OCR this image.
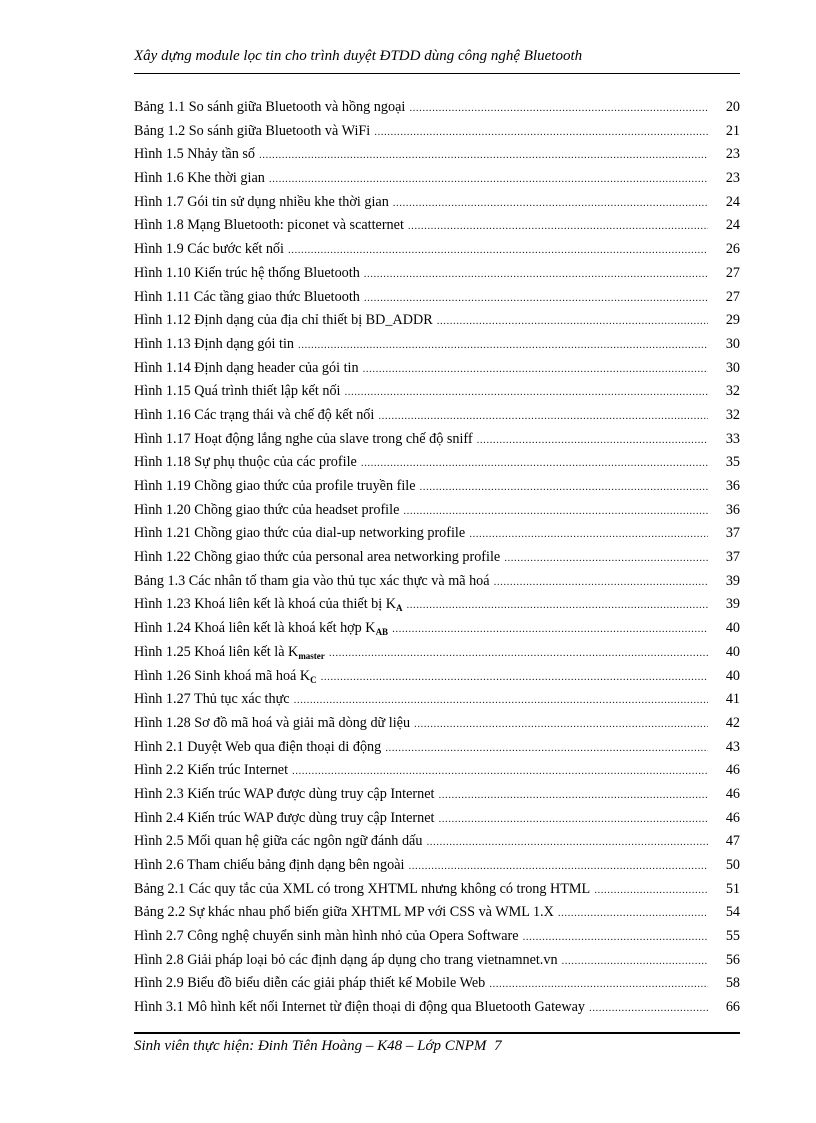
Xây dựng module lọc tin cho trình duyệt ĐTDD dùng công nghệ Bluetooth
Bảng 1.1 So sánh giữa Bluetooth và hồng ngoại .....	20
Bảng 1.2 So sánh giữa Bluetooth và WiFi .....	21
Hình 1.5 Nhảy tần số .....	23
Hình 1.6 Khe thời gian .....	23
Hình 1.7 Gói tin sử dụng nhiều khe thời gian .....	24
Hình 1.8 Mạng Bluetooth: piconet và scatternet .....	24
Hình 1.9 Các bước kết nối .....	26
Hình 1.10 Kiến trúc hệ thống Bluetooth .....	27
Hình 1.11 Các tầng giao thức Bluetooth .....	27
Hình 1.12 Định dạng của địa chỉ thiết bị BD_ADDR .....	29
Hình 1.13 Định dạng gói tin .....	30
Hình 1.14 Định dạng header của gói tin .....	30
Hình 1.15 Quá trình thiết lập kết nối .....	32
Hình 1.16 Các trạng thái và chế độ kết nối .....	32
Hình 1.17 Hoạt động lắng nghe của slave trong chế độ sniff .....	33
Hình 1.18 Sự phụ thuộc của các profile .....	35
Hình 1.19 Chồng giao thức của profile truyền file .....	36
Hình 1.20 Chồng giao thức của headset profile .....	36
Hình 1.21 Chồng giao thức của dial-up networking profile .....	37
Hình 1.22 Chồng giao thức của personal area networking profile .....	37
Bảng 1.3 Các nhân tố tham gia vào thủ tục xác thực và mã hoá .....	39
Hình 1.23 Khoá liên kết là khoá của thiết bị $K_A$ .....	39
Hình 1.24 Khoá liên kết là khoá kết hợp $K_{AB}$ .....	40
Hình 1.25 Khoá liên kết là $K_{master}$ .....	40
Hình 1.26 Sinh khoá mã hoá $K_C$ .....	40
Hình 1.27 Thủ tục xác thực .....	41
Hình 1.28 Sơ đồ mã hoá và giải mã dòng dữ liệu .....	42
Hình 2.1 Duyệt Web qua điện thoại di động .....	43
Hình 2.2 Kiến trúc Internet .....	46
Hình 2.3 Kiến trúc WAP được dùng truy cập Internet .....	46
Hình 2.4 Kiến trúc WAP được dùng truy cập Internet .....	46
Hình 2.5 Mối quan hệ giữa các ngôn ngữ đánh dấu .....	47
Hình 2.6 Tham chiếu bảng định dạng bên ngoài .....	50
Bảng 2.1 Các quy tắc của XML có trong XHTML nhưng không có trong HTML .....	51
Bảng 2.2 Sự khác nhau phổ biến giữa XHTML MP với CSS và WML 1.X .....	54
Hình 2.7 Công nghệ chuyển sinh màn hình nhỏ của Opera Software .....	55
Hình 2.8 Giải pháp loại bỏ các định dạng áp dụng cho trang vietnamnet.vn .....	56
Hình 2.9 Biểu đồ biểu diễn các giải pháp thiết kế Mobile Web .....	58
Hình 3.1 Mô hình kết nối Internet từ điện thoại di động qua Bluetooth Gateway .....	66
Sinh viên thực hiện: Đinh Tiên Hoàng – K48 – Lớp CNPM 7
